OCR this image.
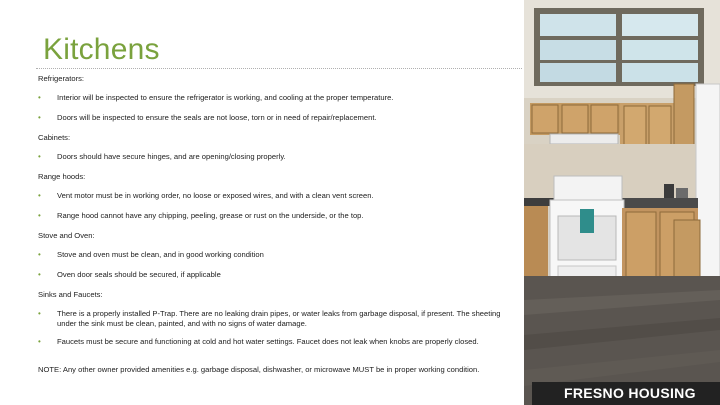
Kitchens

Refrigerators:

• Interior will be inspected to ensure the refrigerator is working, and cooling at the proper temperature.
• Doors will be inspected to ensure the seals are not loose, torn or in need of repair/replacement.

Cabinets:

• Doors should have secure hinges, and are opening/closing properly.

Range hoods:

• Vent motor must be in working order, no loose or exposed wires, and with a clean vent screen.
• Range hood cannot have any chipping, peeling, grease or rust on the underside, or the top.

Stove and Oven:

• Stove and oven must be clean, and in good working condition
• Oven door seals should be secured, if applicable

Sinks and Faucets:

• There is a properly installed P-Trap. There are no leaking drain pipes, or water leaks from garbage disposal, if present. The sheeting under the sink must be clean, painted, and with no signs of water damage.
• Faucets must be secure and functioning at cold and hot water settings. Faucet does not leak when knobs are properly closed.

NOTE: Any other owner provided amenities e.g. garbage disposal, dishwasher, or microwave MUST be in proper working condition.

FRESNO HOUSING
